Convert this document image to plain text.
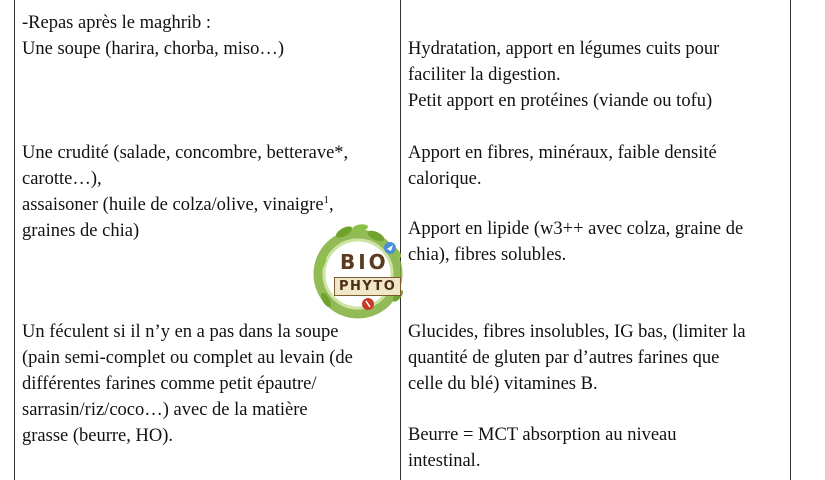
-Repas après le maghrib :
Une soupe (harira, chorba, miso…)	Hydratation, apport en légumes cuits pour
faciliter la digestion.
Petit apport en protéines (viande ou tofu)
Une crudité (salade, concombre, betterave*,
carotte…),
assaisoner (huile de colza/olive, vinaigre$^1$,
graines de chia)
Apport en fibres, minéraux, faible densité
calorique.
Apport en lipide (w3++ avec colza, graine de
chia), fibres solubles.
Un féculent si il n’y en a pas dans la soupe
(pain semi-complet ou complet au levain (de
différentes farines comme petit épautre/
sarrasin/riz/coco…) avec de la matière
grasse (beurre, HO).
Glucides, fibres insolubles, IG bas, (limiter la
quantité de gluten par d’autres farines que
celle du blé) vitamines B.
Beurre = MCT absorption au niveau
intestinal.
BIO
PHYTO
